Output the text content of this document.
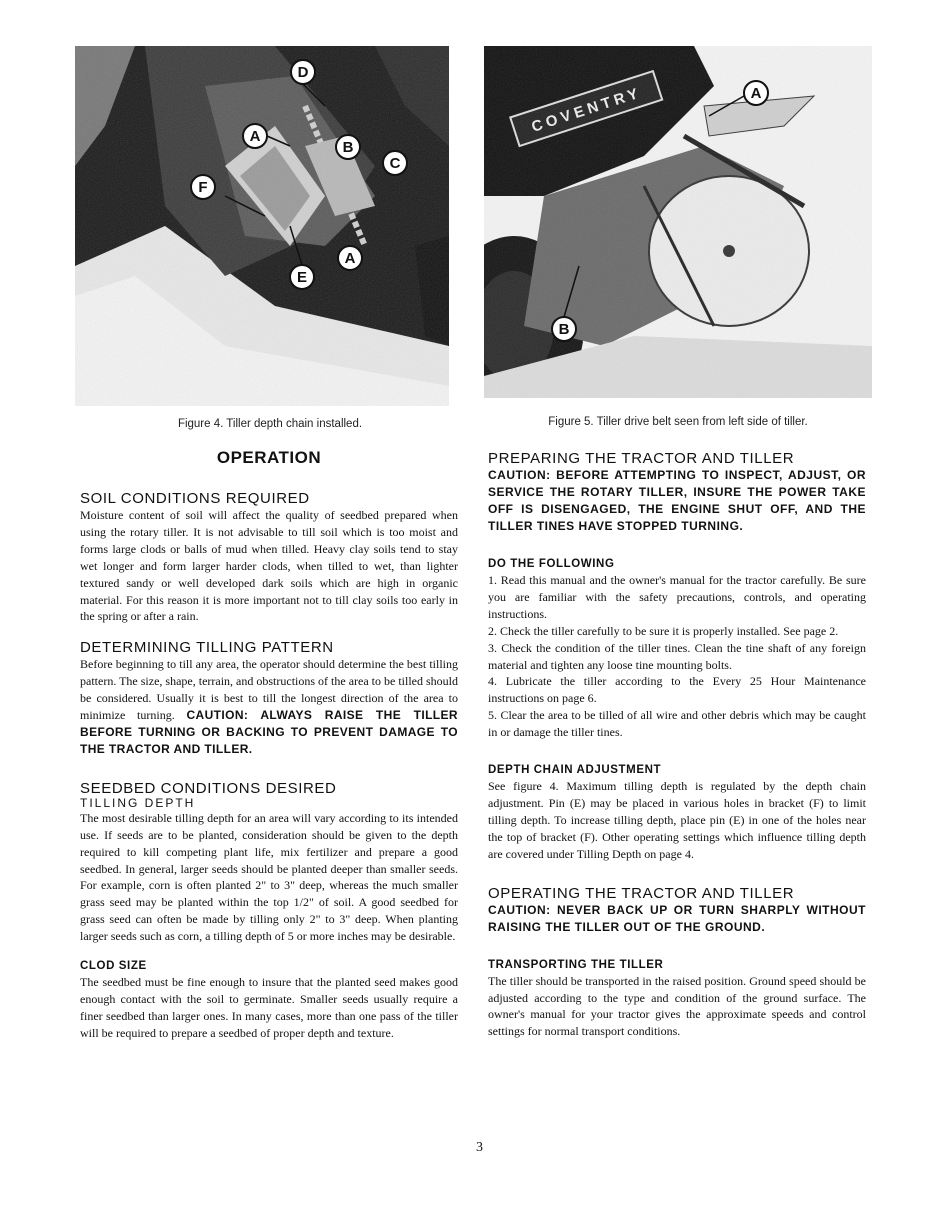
D
A
B
C
F
A
E
A
B
Figure 4. Tiller depth chain installed.	Figure 5. Tiller drive belt seen from left side of tiller.
OPERATION
SOIL CONDITIONS REQUIRED

Moisture content of soil will affect the quality of seedbed prepared when using the rotary tiller. It is not advisable to till soil which is too moist and forms large clods or balls of mud when tilled. Heavy clay soils tend to stay wet longer and form larger harder clods, when tilled to wet, than lighter textured sandy or well developed dark soils which are high in organic material. For this reason it is more important not to till clay soils too early in the spring or after a rain.

DETERMINING TILLING PATTERN

Before beginning to till any area, the operator should determine the best tilling pattern. The size, shape, terrain, and obstructions of the area to be tilled should be considered. Usually it is best to till the longest direction of the area to minimize turning. CAUTION: ALWAYS RAISE THE TILLER BEFORE TURNING OR BACKING TO PREVENT DAMAGE TO THE TRACTOR AND TILLER.

SEEDBED CONDITIONS DESIRED
TILLING DEPTH

The most desirable tilling depth for an area will vary according to its intended use. If seeds are to be planted, consideration should be given to the depth required to kill competing plant life, mix fertilizer and prepare a good seedbed. In general, larger seeds should be planted deeper than smaller seeds. For example, corn is often planted 2" to 3" deep, whereas the much smaller grass seed may be planted within the top 1/2" of soil. A good seedbed for grass seed can often be made by tilling only 2" to 3" deep. When planting larger seeds such as corn, a tilling depth of 5 or more inches may be desirable.

CLOD SIZE

The seedbed must be fine enough to insure that the planted seed makes good enough contact with the soil to germinate. Smaller seeds usually require a finer seedbed than larger ones. In many cases, more than one pass of the tiller will be required to prepare a seedbed of proper depth and texture.

PREPARING THE TRACTOR AND TILLER

CAUTION: BEFORE ATTEMPTING TO INSPECT, ADJUST, OR SERVICE THE ROTARY TILLER, INSURE THE POWER TAKE OFF IS DISENGAGED, THE ENGINE SHUT OFF, AND THE TILLER TINES HAVE STOPPED TURNING.

DO THE FOLLOWING
1. Read this manual and the owner's manual for the tractor carefully. Be sure you are familiar with the safety precautions, controls, and operating instructions.
2. Check the tiller carefully to be sure it is properly installed. See page 2.
3. Check the condition of the tiller tines. Clean the tine shaft of any foreign material and tighten any loose tine mounting bolts.
4. Lubricate the tiller according to the Every 25 Hour Maintenance instructions on page 6.
5. Clear the area to be tilled of all wire and other debris which may be caught in or damage the tiller tines.
DEPTH CHAIN ADJUSTMENT

See figure 4. Maximum tilling depth is regulated by the depth chain adjustment. Pin (E) may be placed in various holes in bracket (F) to limit tilling depth. To increase tilling depth, place pin (E) in one of the holes near the top of bracket (F). Other operating settings which influence tilling depth are covered under Tilling Depth on page 4.

OPERATING THE TRACTOR AND TILLER

CAUTION: NEVER BACK UP OR TURN SHARPLY WITHOUT RAISING THE TILLER OUT OF THE GROUND.

TRANSPORTING THE TILLER

The tiller should be transported in the raised position. Ground speed should be adjusted according to the type and condition of the ground surface. The owner's manual for your tractor gives the approximate speeds and control settings for normal transport conditions.

3
